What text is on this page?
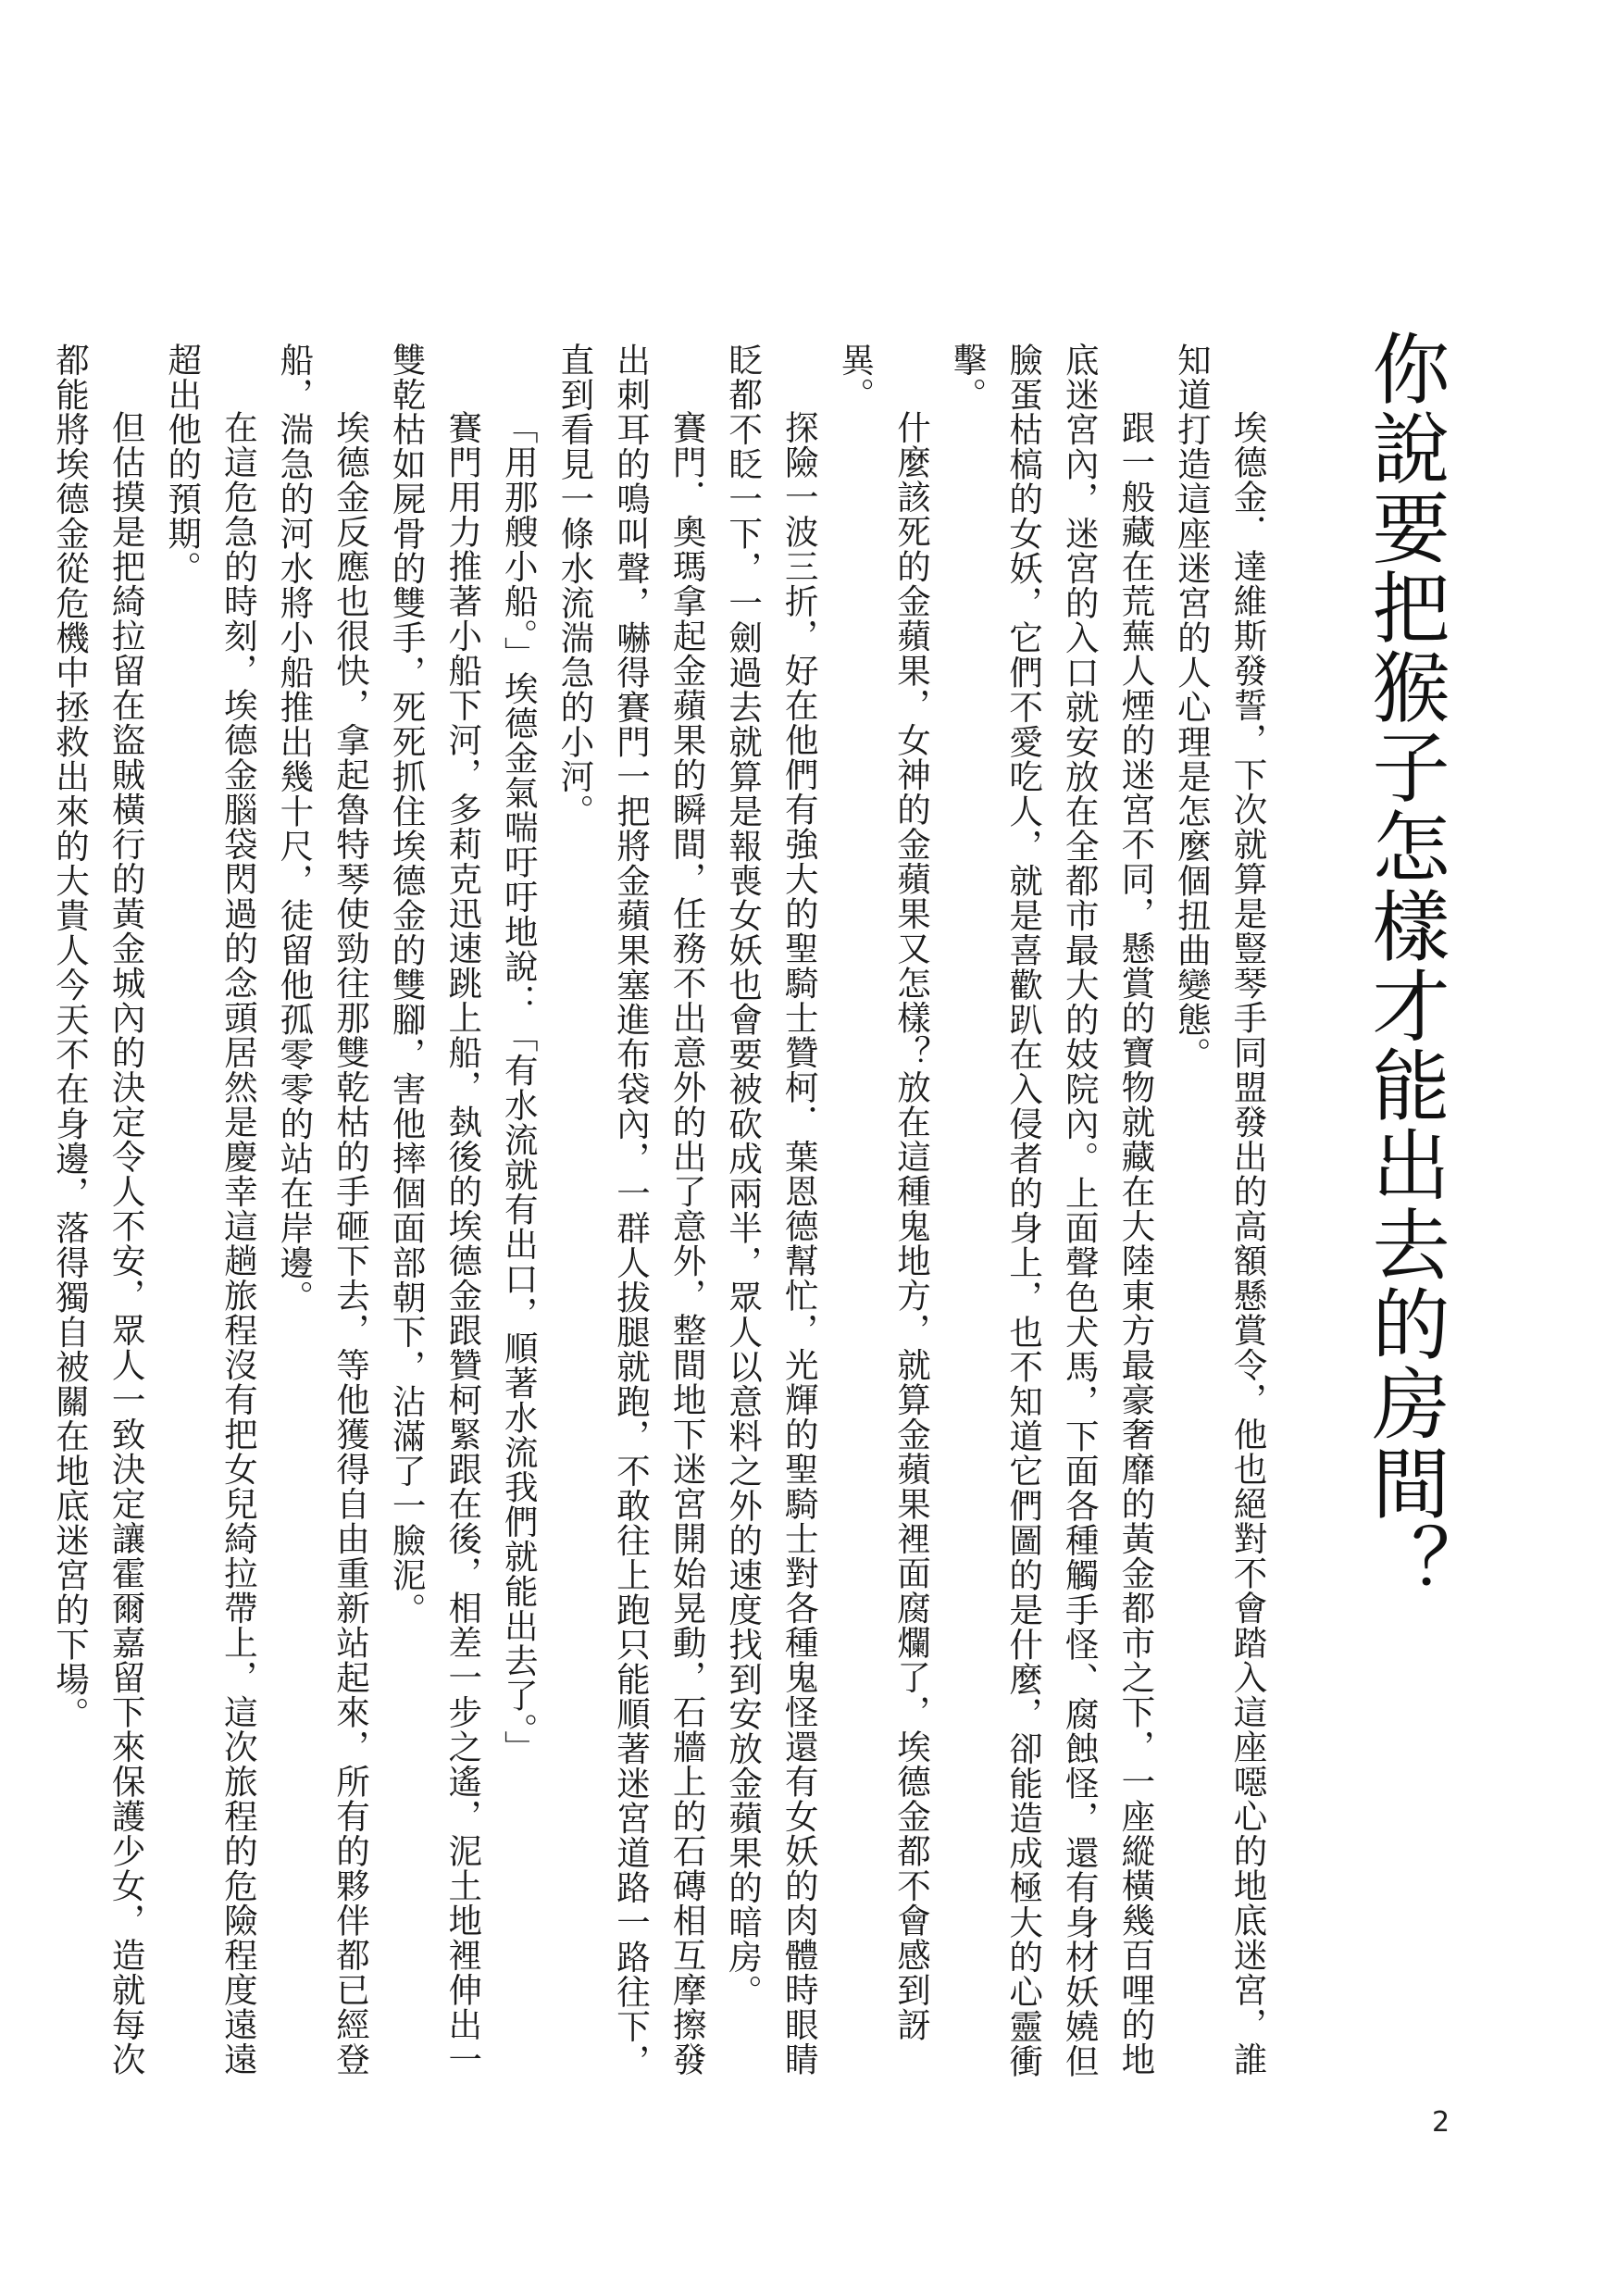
你說要把猴子怎樣才能出去的房間？

埃德金．達維斯發誓，下次就算是豎琴手同盟發出的高額懸賞令，他也絕對不會踏入這座噁心的地底迷宮，誰知道打造這座迷宮的人心理是怎麼個扭曲變態。

跟一般藏在荒蕪人煙的迷宮不同，懸賞的寶物就藏在大陸東方最豪奢靡的黃金都市之下，一座縱橫幾百哩的地底迷宮內，迷宮的入口就安放在全都市最大的妓院內。上面聲色犬馬，下面各種觸手怪、腐蝕怪，還有身材妖嬈但臉蛋枯槁的女妖，它們不愛吃人，就是喜歡趴在入侵者的身上，也不知道它們圖的是什麼，卻能造成極大的心靈衝擊。

什麼該死的金蘋果，女神的金蘋果又怎樣？放在這種鬼地方，就算金蘋果裡面腐爛了，埃德金都不會感到訝異。

探險一波三折，好在他們有強大的聖騎士贊柯．葉恩德幫忙，光輝的聖騎士對各種鬼怪還有女妖的肉體時眼睛眨都不眨一下，一劍過去就算是報喪女妖也會要被砍成兩半，眾人以意料之外的速度找到安放金蘋果的暗房。

賽門．奧瑪拿起金蘋果的瞬間，任務不出意外的出了意外，整間地下迷宮開始晃動，石牆上的石磚相互摩擦發出刺耳的鳴叫聲，嚇得賽門一把將金蘋果塞進布袋內，一群人拔腿就跑，不敢往上跑只能順著迷宮道路一路往下，直到看見一條水流湍急的小河。

「用那艘小船。」埃德金氣喘吁吁地說：「有水流就有出口，順著水流我們就能出去了。」

賽門用力推著小船下河，多莉克迅速跳上船，埶後的埃德金跟贊柯緊跟在後，相差一步之遙，泥土地裡伸出一雙乾枯如屍骨的雙手，死死抓住埃德金的雙腳，害他摔個面部朝下，沾滿了一臉泥。

埃德金反應也很快，拿起魯特琴使勁往那雙乾枯的手砸下去，等他獲得自由重新站起來，所有的夥伴都已經登船，湍急的河水將小船推出幾十尺，徒留他孤零零的站在岸邊。

在這危急的時刻，埃德金腦袋閃過的念頭居然是慶幸這趟旅程沒有把女兒綺拉帶上，這次旅程的危險程度遠遠超出他的預期。

但估摸是把綺拉留在盜賊橫行的黃金城內的決定令人不安，眾人一致決定讓霍爾嘉留下來保護少女，造就每次都能將埃德金從危機中拯救出來的大貴人今天不在身邊，落得獨自被關在地底迷宮的下場。

2
